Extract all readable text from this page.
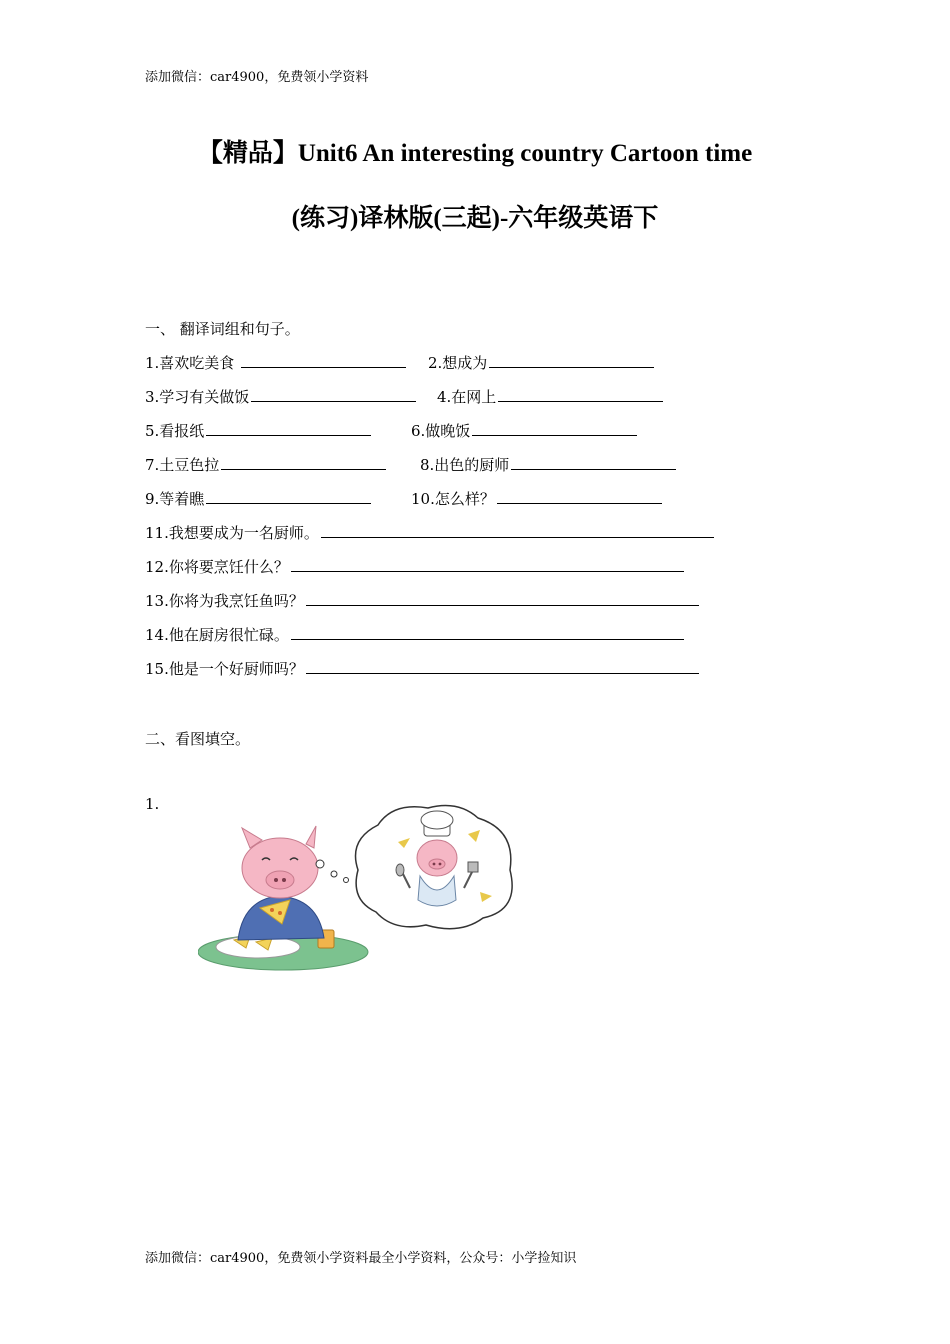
添加微信：car4900，免费领小学资料
【精品】Unit6 An interesting country Cartoon time
(练习)译林版(三起)-六年级英语下
一、 翻译词组和句子。
1.喜欢吃美食	2.想成为
3.学习有关做饭	4.在网上
5.看报纸	6.做晚饭
7.土豆色拉	8.出色的厨师
9.等着瞧	10.怎么样？
11.我想要成为一名厨师。
12.你将要烹饪什么？
13.你将为我烹饪鱼吗？
14.他在厨房很忙碌。
15.他是一个好厨师吗？
二、看图填空。
1.
添加微信：car4900，免费领小学资料最全小学资料，公众号：小学捡知识
